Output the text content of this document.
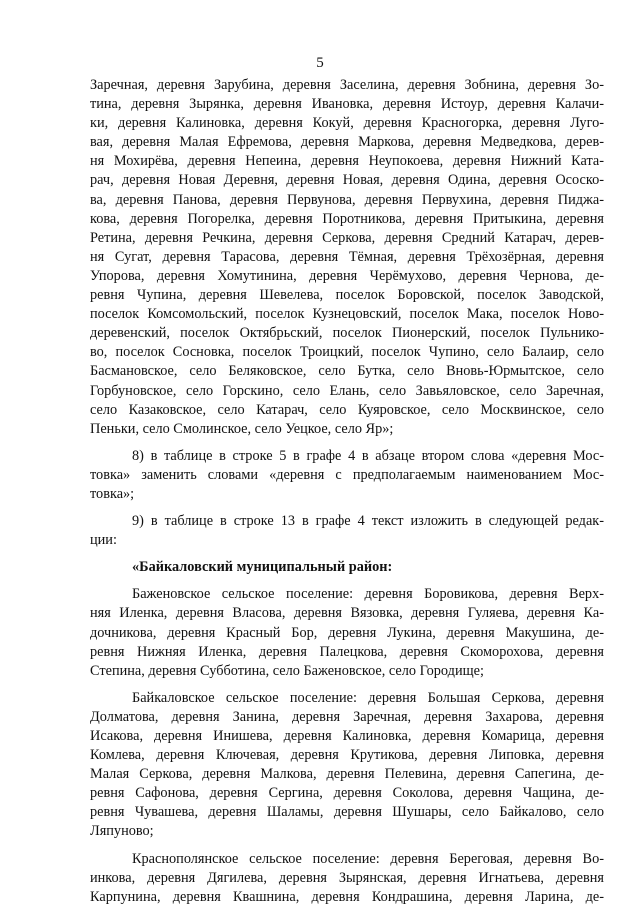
5
Заречная, деревня Зарубина, деревня Заселина, деревня Зобнина, деревня Зо-
тина, деревня Зырянка, деревня Ивановка, деревня Истоур, деревня Калачи-
ки, деревня Калиновка, деревня Кокуй, деревня Красногорка, деревня Луго-
вая, деревня Малая Ефремова, деревня Маркова, деревня Медведкова, дерев-
ня Мохирёва, деревня Непеина, деревня Неупокоева, деревня Нижний Ката-
рач, деревня Новая Деревня, деревня Новая, деревня Одина, деревня Ососко-
ва, деревня Панова, деревня Первунова, деревня Первухина, деревня Пиджа-
кова, деревня Погорелка, деревня Поротникова, деревня Притыкина, деревня
Ретина, деревня Речкина, деревня Серкова, деревня Средний Катарач, дерев-
ня Сугат, деревня Тарасова, деревня Тёмная, деревня Трёхозёрная, деревня
Упорова, деревня Хомутинина, деревня Черёмухово, деревня Чернова, де-
ревня Чупина, деревня Шевелева, поселок Боровской, поселок Заводской,
поселок Комсомольский, поселок Кузнецовский, поселок Мака, поселок Ново-
деревенский, поселок Октябрьский, поселок Пионерский, поселок Пульнико-
во, поселок Сосновка, поселок Троицкий, поселок Чупино, село Балаир, село
Басмановское, село Беляковское, село Бутка, село Вновь-Юрмытское, село
Горбуновское, село Горскино, село Елань, село Завьяловское, село Заречная,
село Казаковское, село Катарач, село Куяровское, село Москвинское, село
Пеньки, село Смолинское, село Уецкое, село Яр»;
8) в таблице в строке 5 в графе 4 в абзаце втором слова «деревня Мос-
товка» заменить словами «деревня с предполагаемым наименованием Мос-
товка»;
9) в таблице в строке 13 в графе 4 текст изложить в следующей редак-
ции:
«Байкаловский муниципальный район:
Баженовское сельское поселение: деревня Боровикова, деревня Верх-
няя Иленка, деревня Власова, деревня Вязовка, деревня Гуляева, деревня Ка-
дочникова, деревня Красный Бор, деревня Лукина, деревня Макушина, де-
ревня Нижняя Иленка, деревня Палецкова, деревня Скоморохова, деревня
Степина, деревня Субботина, село Баженовское, село Городище;
Байкаловское сельское поселение: деревня Большая Серкова, деревня
Долматова, деревня Занина, деревня Заречная, деревня Захарова, деревня
Исакова, деревня Инишева, деревня Калиновка, деревня Комарица, деревня
Комлева, деревня Ключевая, деревня Крутикова, деревня Липовка, деревня
Малая Серкова, деревня Малкова, деревня Пелевина, деревня Сапегина, де-
ревня Сафонова, деревня Сергина, деревня Соколова, деревня Чащина, де-
ревня Чувашева, деревня Шаламы, деревня Шушары, село Байкалово, село
Ляпуново;
Краснополянское сельское поселение: деревня Береговая, деревня Во-
инкова, деревня Дягилева, деревня Зырянская, деревня Игнатьева, деревня
Карпунина, деревня Квашнина, деревня Кондрашина, деревня Ларина, де-
